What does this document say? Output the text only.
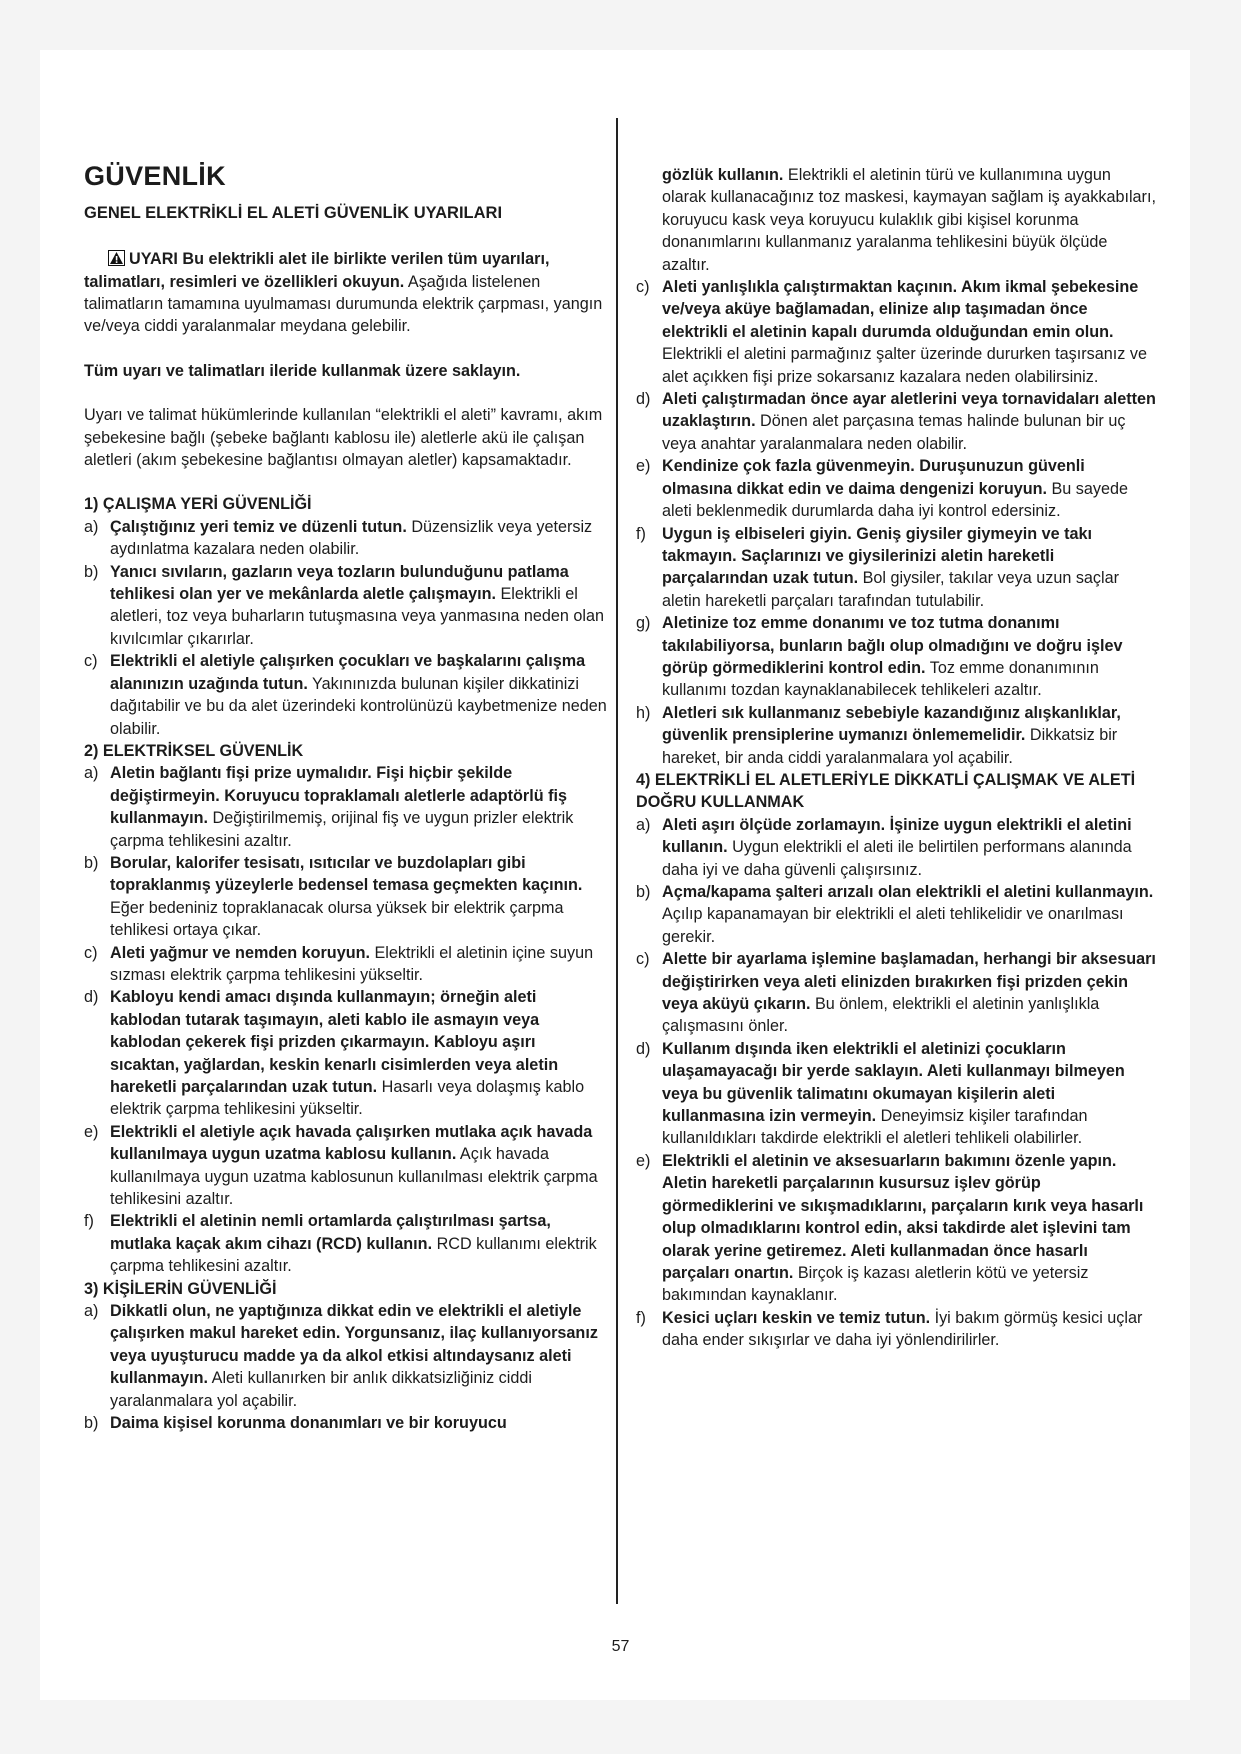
GÜVENLİK
GENEL ELEKTRİKLİ EL ALETİ GÜVENLİK UYARILARI
UYARI Bu elektrikli alet ile birlikte verilen tüm uyarıları, talimatları, resimleri ve özellikleri okuyun. Aşağıda listelenen talimatların tamamına uyulmaması durumunda elektrik çarpması, yangın ve/veya ciddi yaralanmalar meydana gelebilir.

Tüm uyarı ve talimatları ileride kullanmak üzere saklayın.

Uyarı ve talimat hükümlerinde kullanılan “elektrikli el aleti” kavramı, akım şebekesine bağlı (şebeke bağlantı kablosu ile) aletlerle akü ile çalışan aletleri (akım şebekesine bağlantısı olmayan aletler) kapsamaktadır.

1) ÇALIŞMA YERİ GÜVENLİĞİ

a) Çalıştığınız yeri temiz ve düzenli tutun. Düzensizlik veya yetersiz aydınlatma kazalara neden olabilir.
b) Yanıcı sıvıların, gazların veya tozların bulunduğunu patlama tehlikesi olan yer ve mekânlarda aletle çalışmayın. Elektrikli el aletleri, toz veya buharların tutuşmasına veya yanmasına neden olan kıvılcımlar çıkarırlar.
c) Elektrikli el aletiyle çalışırken çocukları ve başkalarını çalışma alanınızın uzağında tutun. Yakınınızda bulunan kişiler dikkatinizi dağıtabilir ve bu da alet üzerindeki kontrolünüzü kaybetmenize neden olabilir.

2) ELEKTRİKSEL GÜVENLİK

a) Aletin bağlantı fişi prize uymalıdır. Fişi hiçbir şekilde değiştirmeyin. Koruyucu topraklamalı aletlerle adaptörlü fiş kullanmayın. Değiştirilmemiş, orijinal fiş ve uygun prizler elektrik çarpma tehlikesini azaltır.
b) Borular, kalorifer tesisatı, ısıtıcılar ve buzdolapları gibi topraklanmış yüzeylerle bedensel temasa geçmekten kaçının. Eğer bedeniniz topraklanacak olursa yüksek bir elektrik çarpma tehlikesi ortaya çıkar.
c) Aleti yağmur ve nemden koruyun. Elektrikli el aletinin içine suyun sızması elektrik çarpma tehlikesini yükseltir.
d) Kabloyu kendi amacı dışında kullanmayın; örneğin aleti kablodan tutarak taşımayın, aleti kablo ile asmayın veya kablodan çekerek fişi prizden çıkarmayın. Kabloyu aşırı sıcaktan, yağlardan, keskin kenarlı cisimlerden veya aletin hareketli parçalarından uzak tutun. Hasarlı veya dolaşmış kablo elektrik çarpma tehlikesini yükseltir.
e) Elektrikli el aletiyle açık havada çalışırken mutlaka açık havada kullanılmaya uygun uzatma kablosu kullanın. Açık havada kullanılmaya uygun uzatma kablosunun kullanılması elektrik çarpma tehlikesini azaltır.
f) Elektrikli el aletinin nemli ortamlarda çalıştırılması şartsa, mutlaka kaçak akım cihazı (RCD) kullanın. RCD kullanımı elektrik çarpma tehlikesini azaltır.

3) KİŞİLERİN GÜVENLİĞİ

a) Dikkatli olun, ne yaptığınıza dikkat edin ve elektrikli el aletiyle çalışırken makul hareket edin. Yorgunsanız, ilaç kullanıyorsanız veya uyuşturucu madde ya da alkol etkisi altındaysanız aleti kullanmayın. Aleti kullanırken bir anlık dikkatsizliğiniz ciddi yaralanmalara yol açabilir.
b) Daima kişisel korunma donanımları ve bir koruyucu
gözlük kullanın. Elektrikli el aletinin türü ve kullanımına uygun olarak kullanacağınız toz maskesi, kaymayan sağlam iş ayakkabıları, koruyucu kask veya koruyucu kulaklık gibi kişisel korunma donanımlarını kullanmanız yaralanma tehlikesini büyük ölçüde azaltır.
c) Aleti yanlışlıkla çalıştırmaktan kaçının. Akım ikmal şebekesine ve/veya aküye bağlamadan, elinize alıp taşımadan önce elektrikli el aletinin kapalı durumda olduğundan emin olun. Elektrikli el aletini parmağınız şalter üzerinde dururken taşırsanız ve alet açıkken fişi prize sokarsanız kazalara neden olabilirsiniz.
d) Aleti çalıştırmadan önce ayar aletlerini veya tornavidaları aletten uzaklaştırın. Dönen alet parçasına temas halinde bulunan bir uç veya anahtar yaralanmalara neden olabilir.
e) Kendinize çok fazla güvenmeyin. Duruşunuzun güvenli olmasına dikkat edin ve daima dengenizi koruyun. Bu sayede aleti beklenmedik durumlarda daha iyi kontrol edersiniz.
f) Uygun iş elbiseleri giyin. Geniş giysiler giymeyin ve takı takmayın. Saçlarınızı ve giysilerinizi aletin hareketli parçalarından uzak tutun. Bol giysiler, takılar veya uzun saçlar aletin hareketli parçaları tarafından tutulabilir.
g) Aletinize toz emme donanımı ve toz tutma donanımı takılabiliyorsa, bunların bağlı olup olmadığını ve doğru işlev görüp görmediklerini kontrol edin. Toz emme donanımının kullanımı tozdan kaynaklanabilecek tehlikeleri azaltır.
h) Aletleri sık kullanmanız sebebiyle kazandığınız alışkanlıklar, güvenlik prensiplerine uymanızı önlememelidir. Dikkatsiz bir hareket, bir anda ciddi yaralanmalara yol açabilir.

4) ELEKTRİKLİ EL ALETLERİYLE DİKKATLİ ÇALIŞMAK VE ALETİ DOĞRU KULLANMAK

a) Aleti aşırı ölçüde zorlamayın. İşinize uygun elektrikli el aletini kullanın. Uygun elektrikli el aleti ile belirtilen performans alanında daha iyi ve daha güvenli çalışırsınız.
b) Açma/kapama şalteri arızalı olan elektrikli el aletini kullanmayın. Açılıp kapanamayan bir elektrikli el aleti tehlikelidir ve onarılması gerekir.
c) Alette bir ayarlama işlemine başlamadan, herhangi bir aksesuarı değiştirirken veya aleti elinizden bırakırken fişi prizden çekin veya aküyü çıkarın. Bu önlem, elektrikli el aletinin yanlışlıkla çalışmasını önler.
d) Kullanım dışında iken elektrikli el aletinizi çocukların ulaşamayacağı bir yerde saklayın. Aleti kullanmayı bilmeyen veya bu güvenlik talimatını okumayan kişilerin aleti kullanmasına izin vermeyin. Deneyimsiz kişiler tarafından kullanıldıkları takdirde elektrikli el aletleri tehlikeli olabilirler.
e) Elektrikli el aletinin ve aksesuarların bakımını özenle yapın. Aletin hareketli parçalarının kusursuz işlev görüp görmediklerini ve sıkışmadıklarını, parçaların kırık veya hasarlı olup olmadıklarını kontrol edin, aksi takdirde alet işlevini tam olarak yerine getiremez. Aleti kullanmadan önce hasarlı parçaları onartın. Birçok iş kazası aletlerin kötü ve yetersiz bakımından kaynaklanır.
f) Kesici uçları keskin ve temiz tutun. İyi bakım görmüş kesici uçlar daha ender sıkışırlar ve daha iyi yönlendirilirler.
57
